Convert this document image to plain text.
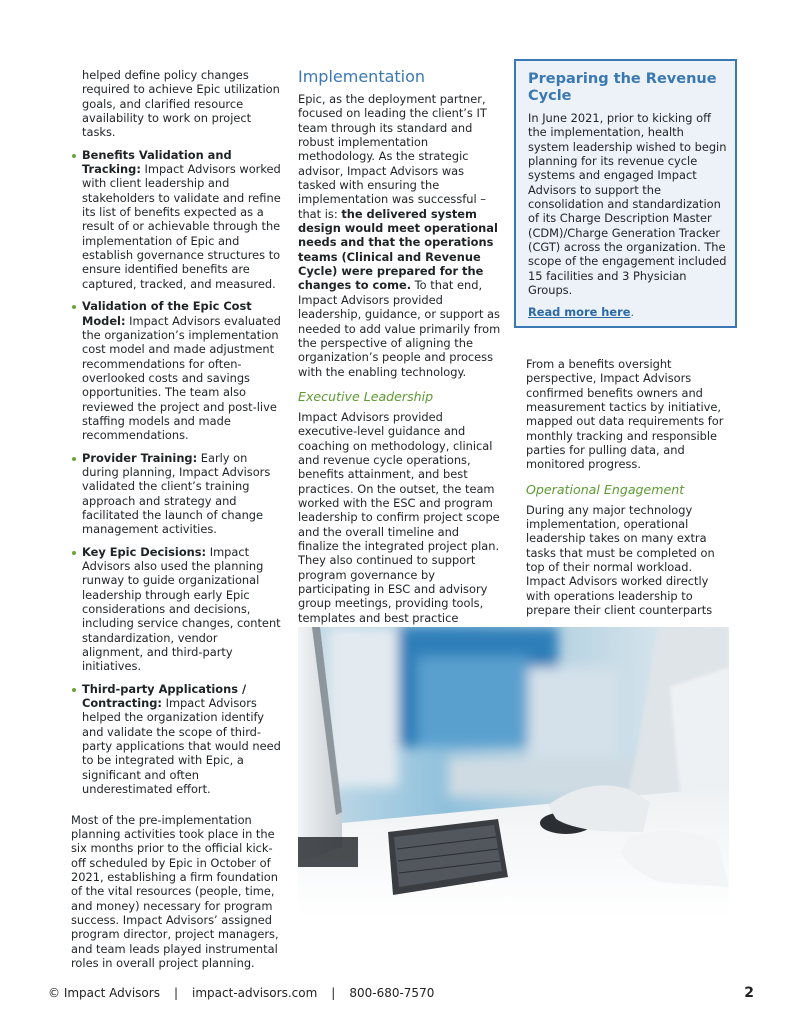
helped define policy changes required to achieve Epic utilization goals, and clarified resource availability to work on project tasks.

Benefits Validation and Tracking: Impact Advisors worked with client leadership and stakeholders to validate and refine its list of benefits expected as a result of or achievable through the implementation of Epic and establish governance structures to ensure identified benefits are captured, tracked, and measured.
Validation of the Epic Cost Model: Impact Advisors evaluated the organization’s implementation cost model and made adjustment recommendations for often-overlooked costs and savings opportunities. The team also reviewed the project and post-live staffing models and made recommendations.
Provider Training: Early on during planning, Impact Advisors validated the client’s training approach and strategy and facilitated the launch of change management activities.
Key Epic Decisions: Impact Advisors also used the planning runway to guide organizational leadership through early Epic considerations and decisions, including service changes, content standardization, vendor alignment, and third-party initiatives.
Third-party Applications / Contracting: Impact Advisors helped the organization identify and validate the scope of third-party applications that would need to be integrated with Epic, a significant and often underestimated effort.

Most of the pre-implementation planning activities took place in the six months prior to the official kick-off scheduled by Epic in October of 2021, establishing a firm foundation of the vital resources (people, time, and money) necessary for program success. Impact Advisors’ assigned program director, project managers, and team leads played instrumental roles in overall project planning.

Implementation

Epic, as the deployment partner, focused on leading the client’s IT team through its standard and robust implementation methodology. As the strategic advisor, Impact Advisors was tasked with ensuring the implementation was successful – that is: the delivered system design would meet operational needs and that the operations teams (Clinical and Revenue Cycle) were prepared for the changes to come. To that end, Impact Advisors provided leadership, guidance, or support as needed to add value primarily from the perspective of aligning the organization’s people and process with the enabling technology.

Executive Leadership

Impact Advisors provided executive-level guidance and coaching on methodology, clinical and revenue cycle operations, benefits attainment, and best practices. On the outset, the team worked with the ESC and program leadership to confirm project scope and the overall timeline and finalize the integrated project plan. They also continued to support program governance by participating in ESC and advisory group meetings, providing tools, templates and best practice

Preparing the Revenue Cycle

In June 2021, prior to kicking off the implementation, health system leadership wished to begin planning for its revenue cycle systems and engaged Impact Advisors to support the consolidation and standardization of its Charge Description Master (CDM)/Charge Generation Tracker (CGT) across the organization. The scope of the engagement included 15 facilities and 3 Physician Groups.

Read more here.

From a benefits oversight perspective, Impact Advisors confirmed benefits owners and measurement tactics by initiative, mapped out data requirements for monthly tracking and responsible parties for pulling data, and monitored progress.

Operational Engagement

During any major technology implementation, operational leadership takes on many extra tasks that must be completed on top of their normal workload. Impact Advisors worked directly with operations leadership to prepare their client counterparts

© Impact Advisors | impact-advisors.com | 800-680-7570	2
